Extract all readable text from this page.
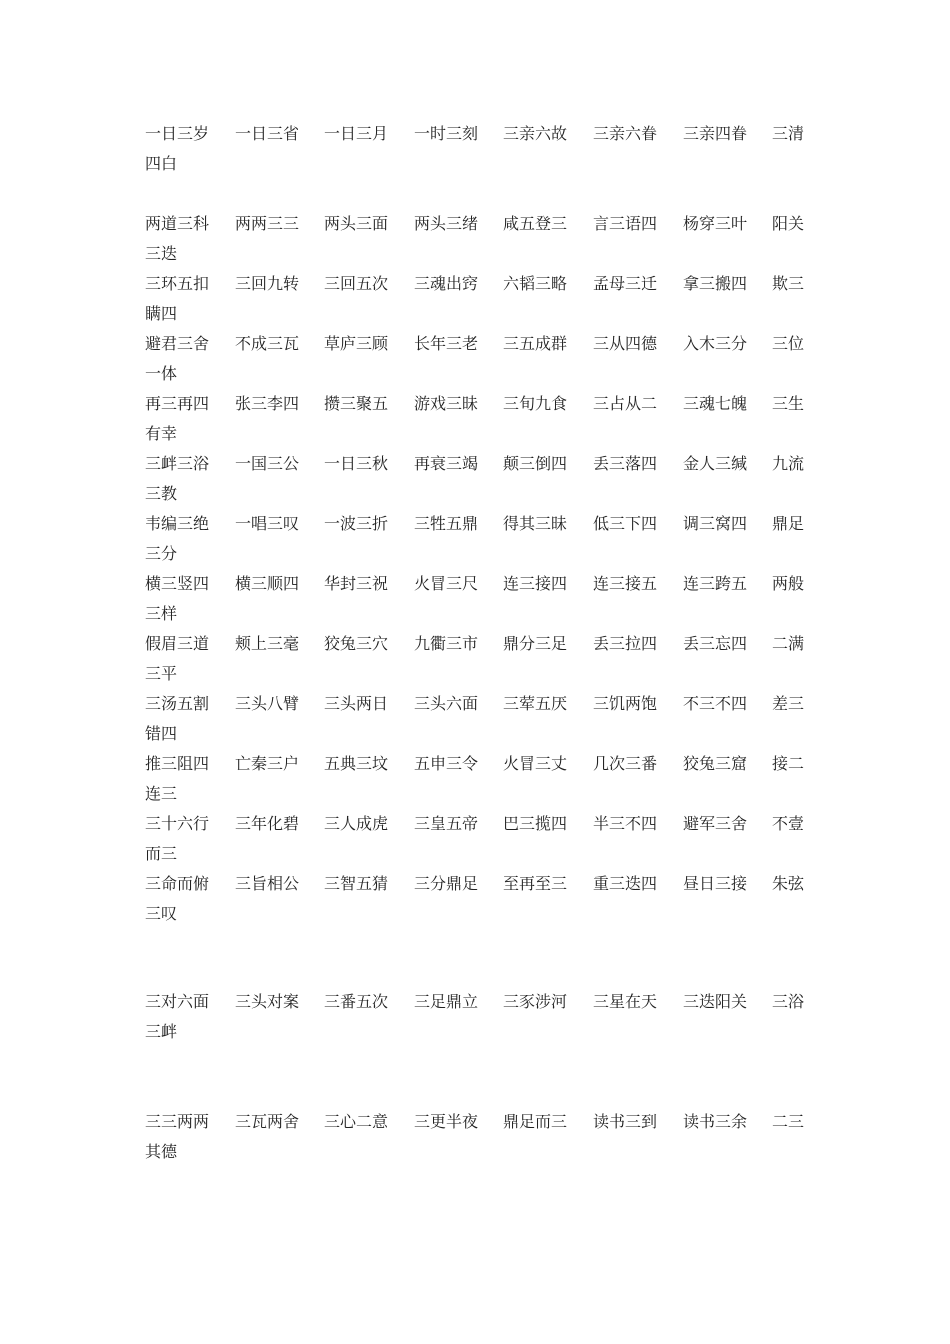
一日三岁 一日三省 一日三月 一时三刻 三亲六故 三亲六眷 三亲四眷 三清
四白
两道三科 两两三三 两头三面 两头三绪 咸五登三 言三语四 杨穿三叶 阳关
三迭
三环五扣 三回九转 三回五次 三魂出窍 六韬三略 孟母三迁 拿三搬四 欺三
瞒四
避君三舍 不成三瓦 草庐三顾 长年三老 三五成群 三从四德 入木三分 三位
一体
再三再四 张三李四 攒三聚五 游戏三昧 三旬九食 三占从二 三魂七魄 三生
有幸
三衅三浴 一国三公 一日三秋 再衰三竭 颠三倒四 丢三落四 金人三缄 九流
三教
韦编三绝 一唱三叹 一波三折 三牲五鼎 得其三昧 低三下四 调三窝四 鼎足
三分
横三竖四 横三顺四 华封三祝 火冒三尺 连三接四 连三接五 连三跨五 两般
三样
假眉三道 颊上三毫 狡兔三穴 九衢三市 鼎分三足 丢三拉四 丢三忘四 二满
三平
三汤五割 三头八臂 三头两日 三头六面 三荤五厌 三饥两饱 不三不四 差三
错四
推三阻四 亡秦三户 五典三坟 五申三令 火冒三丈 几次三番 狡兔三窟 接二
连三
三十六行 三年化碧 三人成虎 三皇五帝 巴三揽四 半三不四 避军三舍 不壹
而三
三命而俯 三旨相公 三智五猜 三分鼎足 至再至三 重三迭四 昼日三接 朱弦
三叹
三对六面 三头对案 三番五次 三足鼎立 三豕涉河 三星在天 三迭阳关 三浴
三衅
三三两两 三瓦两舍 三心二意 三更半夜 鼎足而三 读书三到 读书三余 二三
其德
